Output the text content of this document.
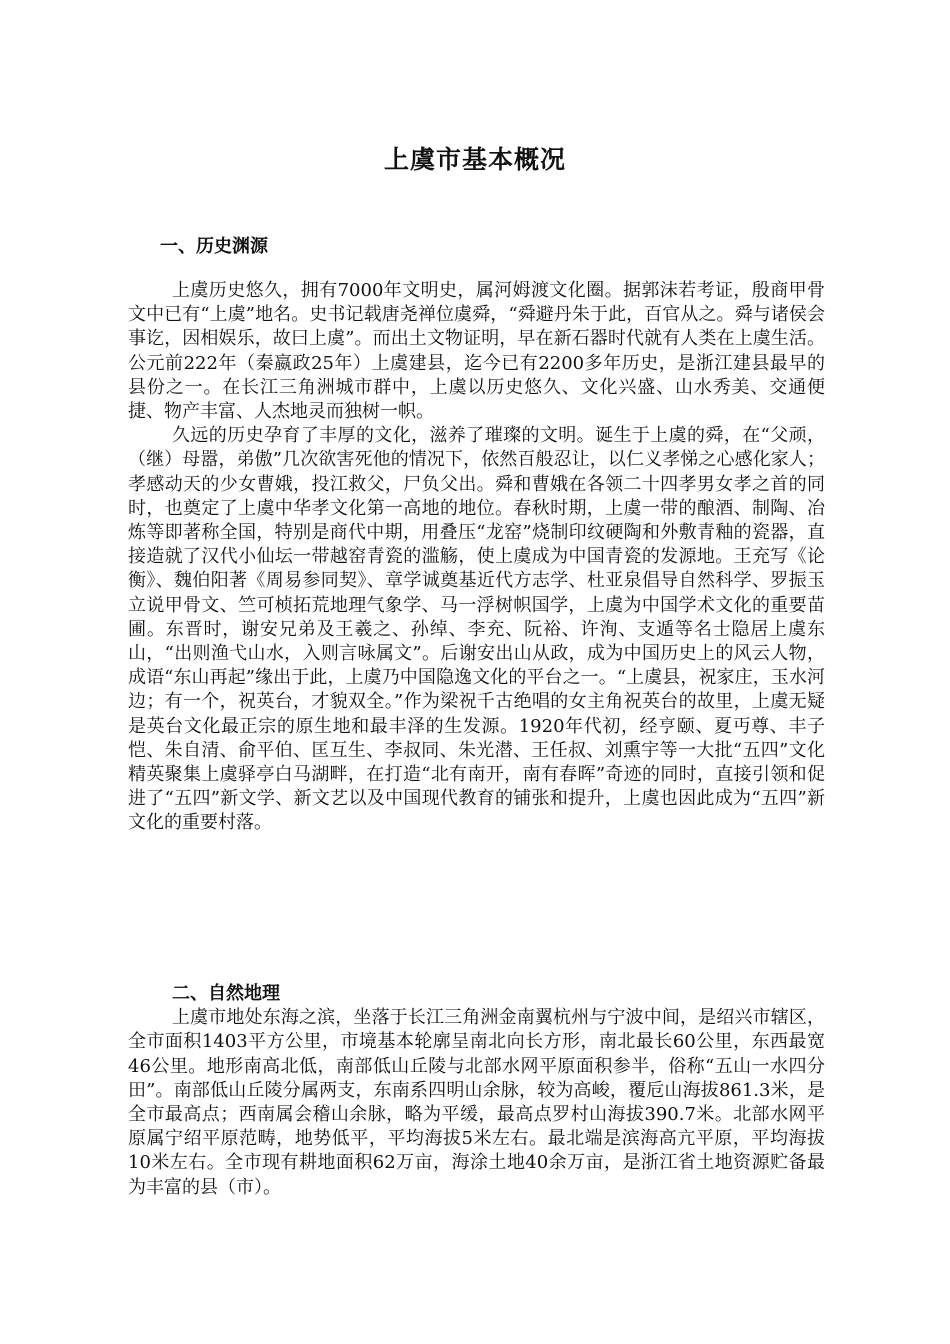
上虞市基本概况
一、历史渊源

上虞历史悠久，拥有7000年文明史，属河姆渡文化圈。据郭沫若考证，殷商甲骨文中已有“上虞”地名。史书记载唐尧禅位虞舜，“舜避丹朱于此，百官从之。舜与诸侯会事讫，因相娱乐，故曰上虞”。而出土文物证明，早在新石器时代就有人类在上虞生活。公元前222年（秦嬴政25年）上虞建县，迄今已有2200多年历史，是浙江建县最早的县份之一。在长江三角洲城市群中，上虞以历史悠久、文化兴盛、山水秀美、交通便捷、物产丰富、人杰地灵而独树一帜。

久远的历史孕育了丰厚的文化，滋养了璀璨的文明。诞生于上虞的舜，在“父顽，（继）母嚣，弟傲”几次欲害死他的情况下，依然百般忍让，以仁义孝悌之心感化家人；孝感动天的少女曹娥，投江救父，尸负父出。舜和曹娥在各领二十四孝男女孝之首的同时，也奠定了上虞中华孝文化第一高地的地位。春秋时期，上虞一带的酿酒、制陶、冶炼等即著称全国，特别是商代中期，用叠压“龙窑”烧制印纹硬陶和外敷青釉的瓷器，直接造就了汉代小仙坛一带越窑青瓷的滥觞，使上虞成为中国青瓷的发源地。王充写《论衡》、魏伯阳著《周易参同契》、章学诚奠基近代方志学、杜亚泉倡导自然科学、罗振玉立说甲骨文、竺可桢拓荒地理气象学、马一浮树帜国学，上虞为中国学术文化的重要苗圃。东晋时，谢安兄弟及王羲之、孙绰、李充、阮裕、许洵、支遁等名士隐居上虞东山，“出则渔弋山水，入则言咏属文”。后谢安出山从政，成为中国历史上的风云人物，成语“东山再起”缘出于此，上虞乃中国隐逸文化的平台之一。“上虞县，祝家庄，玉水河边；有一个，祝英台，才貌双全。”作为梁祝千古绝唱的女主角祝英台的故里，上虞无疑是英台文化最正宗的原生地和最丰泽的生发源。1920年代初，经亨颐、夏丏尊、丰子恺、朱自清、俞平伯、匡互生、李叔同、朱光潜、王任叔、刘熏宇等一大批“五四”文化精英聚集上虞驿亭白马湖畔，在打造“北有南开，南有春晖”奇迹的同时，直接引领和促进了“五四”新文学、新文艺以及中国现代教育的铺张和提升，上虞也因此成为“五四”新文化的重要村落。

二、自然地理

上虞市地处东海之滨，坐落于长江三角洲金南翼杭州与宁波中间，是绍兴市辖区，全市面积1403平方公里，市境基本轮廓呈南北向长方形，南北最长60公里，东西最宽46公里。地形南高北低，南部低山丘陵与北部水网平原面积参半，俗称“五山一水四分田”。南部低山丘陵分属两支，东南系四明山余脉，较为高峻，覆卮山海拔861.3米，是全市最高点；西南属会稽山余脉，略为平缓，最高点罗村山海拔390.7米。北部水网平原属宁绍平原范畴，地势低平，平均海拔5米左右。最北端是滨海高亢平原，平均海拔10米左右。全市现有耕地面积62万亩，海涂土地40余万亩，是浙江省土地资源贮备最为丰富的县（市）。
